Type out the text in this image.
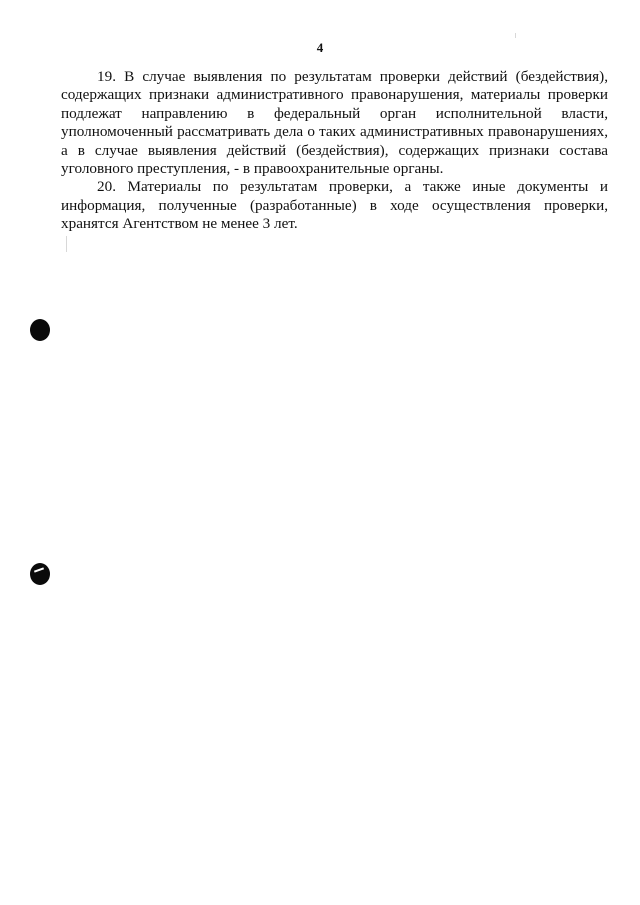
4

19. В случае выявления по результатам проверки действий (бездействия), содержащих признаки административного правонарушения, материалы проверки подлежат направлению в федеральный орган исполнительной власти, уполномоченный рассматривать дела о таких административных правонарушениях, а в случае выявления действий (бездействия), содержащих признаки состава уголовного преступления, - в правоохранительные органы.

20. Материалы по результатам проверки, а также иные документы и информация, полученные (разработанные) в ходе осуществления проверки, хранятся Агентством не менее 3 лет.
